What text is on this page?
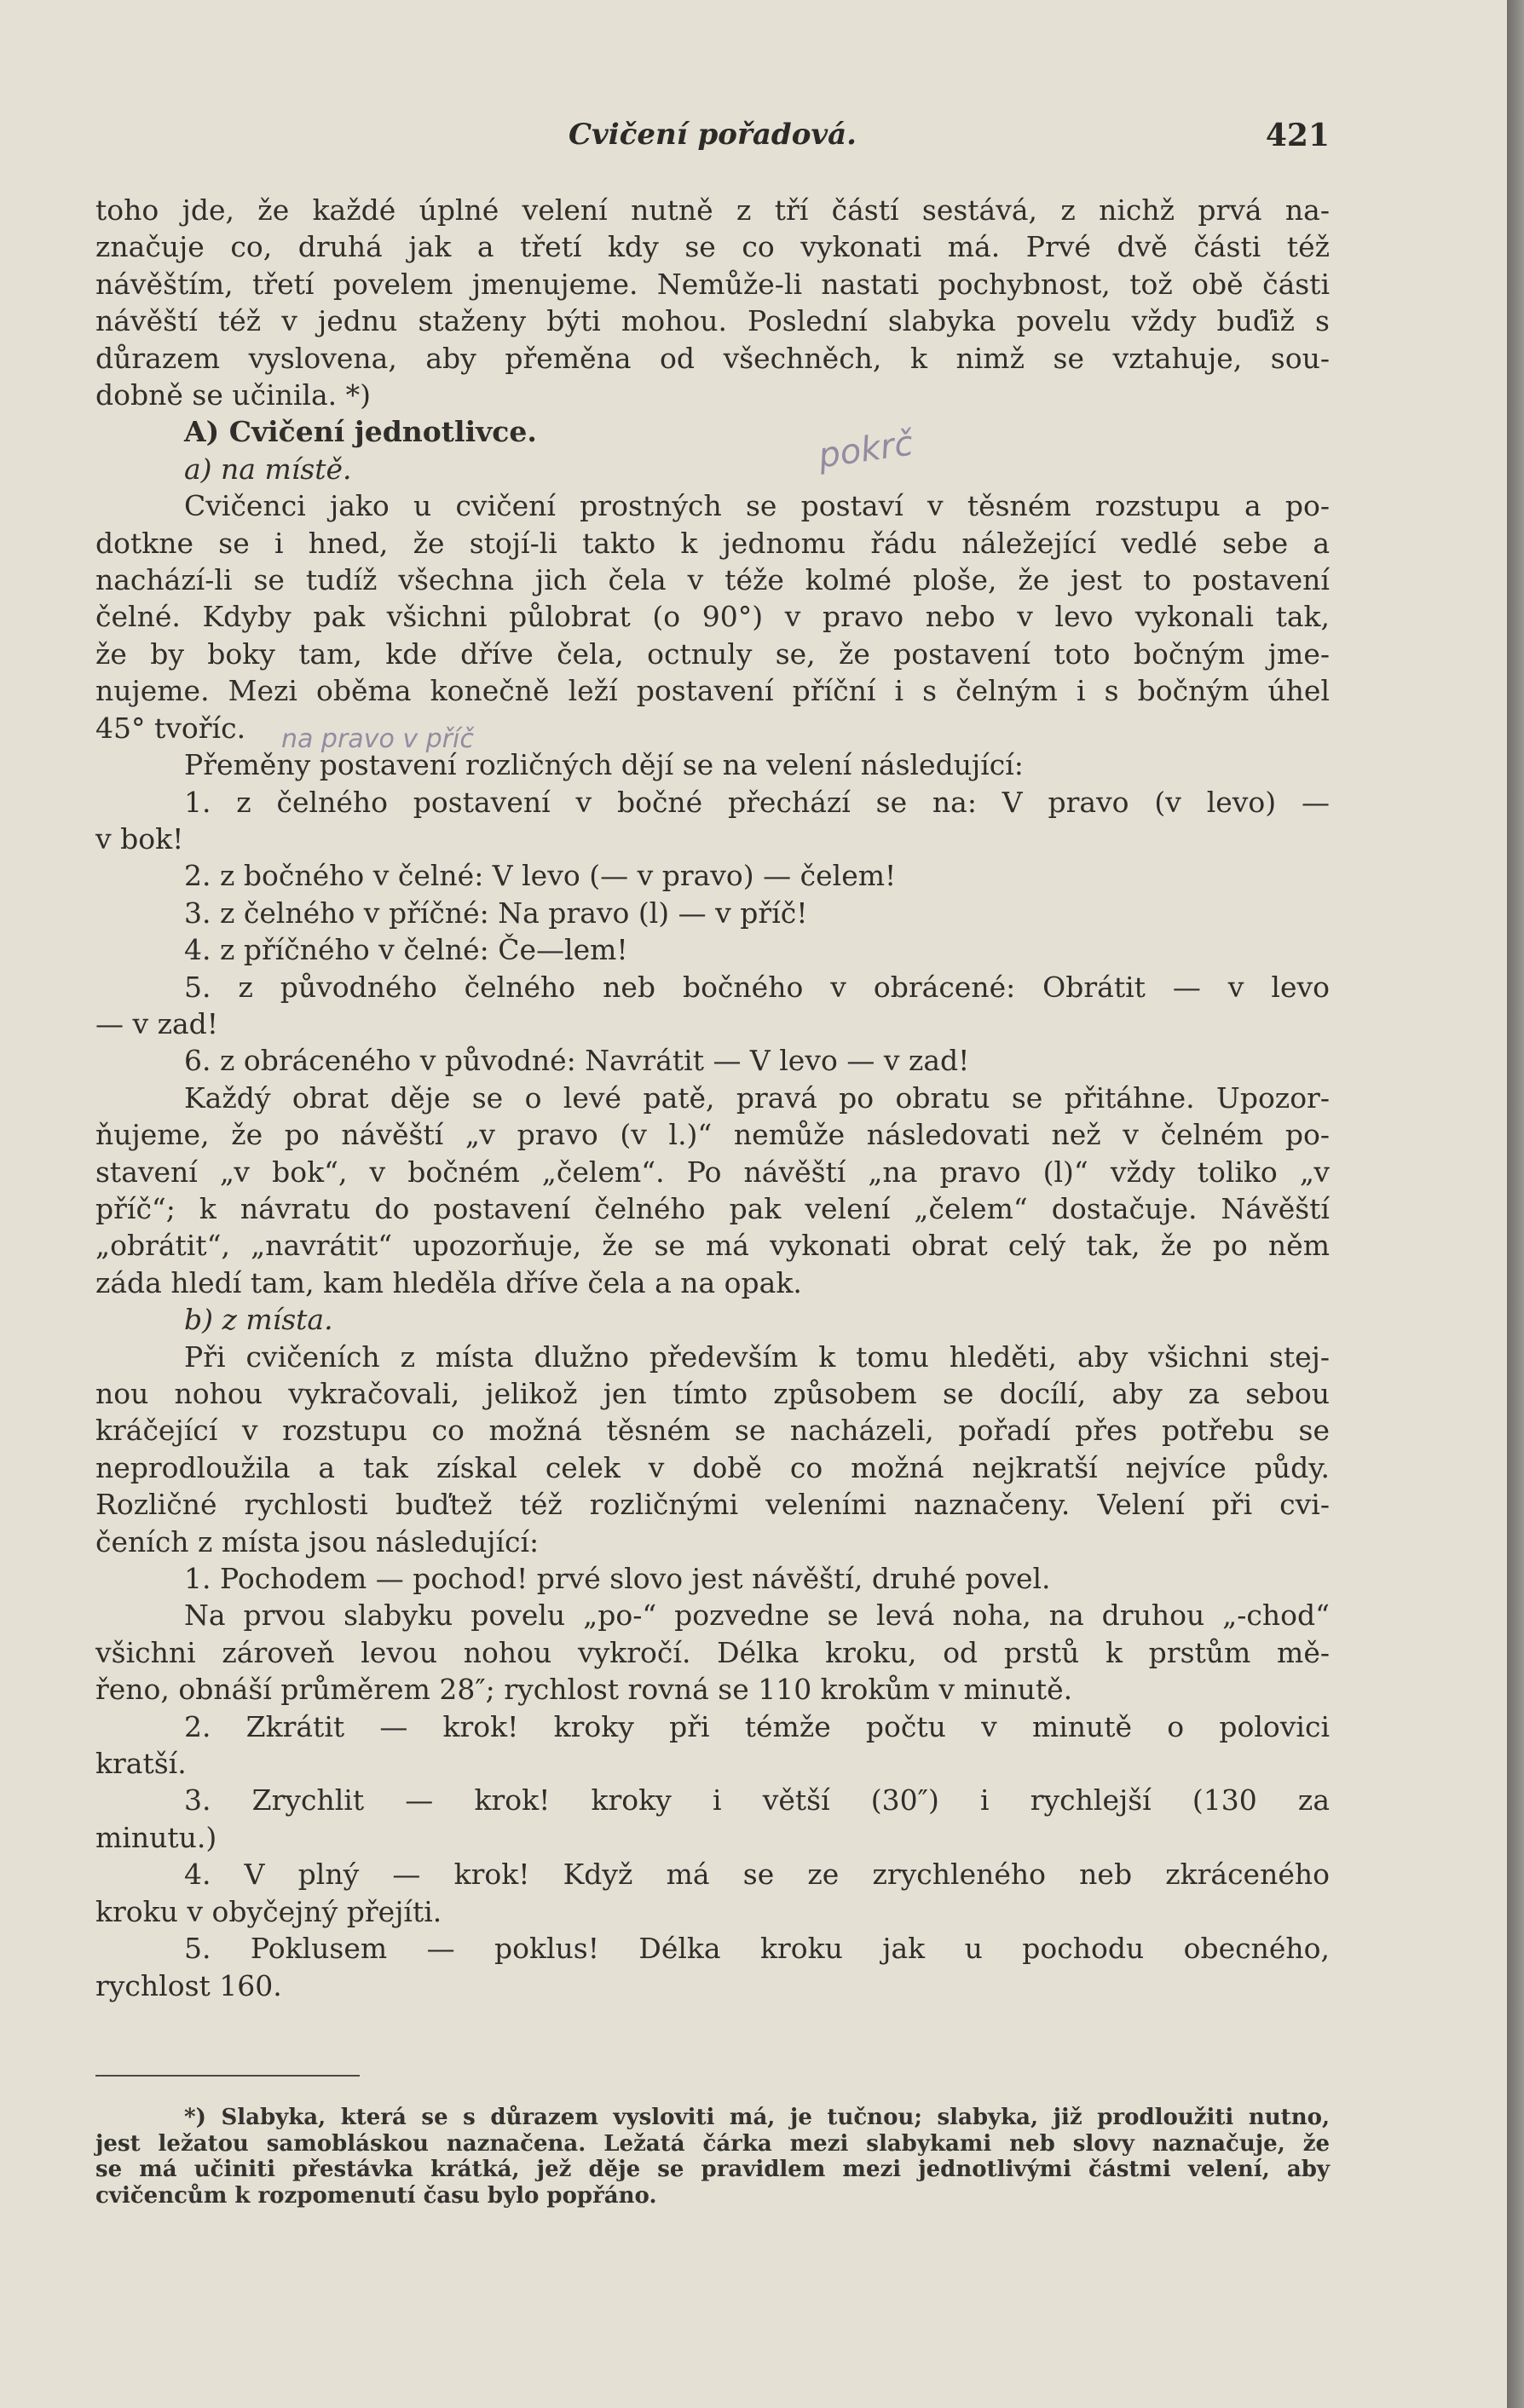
Cvičení pořadová.	421
toho jde, že každé úplné velení nutně z tří částí sestává, z nichž prvá na-
značuje co, druhá jak a třetí kdy se co vykonati má. Prvé dvě části též
návěštím, třetí povelem jmenujeme. Nemůže-li nastati pochybnost, tož obě části
návěští též v jednu staženy býti mohou. Poslední slabyka povelu vždy buďiž s
důrazem vyslovena, aby přeměna od všechněch, k nimž se vztahuje, sou-
dobně se učinila. *)
A) Cvičení jednotlivce.
a) na místě.
Cvičenci jako u cvičení prostných se postaví v těsném rozstupu a po-
dotkne se i hned, že stojí-li takto k jednomu řádu náležející vedlé sebe a
nachází-li se tudíž všechna jich čela v téže kolmé ploše, že jest to postavení
čelné. Kdyby pak všichni půlobrat (o 90°) v pravo nebo v levo vykonali tak,
že by boky tam, kde dříve čela, octnuly se, že postavení toto bočným jme-
nujeme. Mezi oběma konečně leží postavení příční i s čelným i s bočným úhel
45° tvoříc.
Přeměny postavení rozličných dějí se na velení následující:
1. z čelného postavení v bočné přechází se na: V pravo (v levo) —
v bok!
2. z bočného v čelné: V levo (— v pravo) — čelem!
3. z čelného v příčné: Na pravo (l) — v příč!
4. z příčného v čelné: Če—lem!
5. z původného čelného neb bočného v obrácené: Obrátit — v levo
— v zad!
6. z obráceného v původné: Navrátit — V levo — v zad!
Každý obrat děje se o levé patě, pravá po obratu se přitáhne. Upozor-
ňujeme, že po návěští „v pravo (v l.)“ nemůže následovati než v čelném po-
stavení „v bok“, v bočném „čelem“. Po návěští „na pravo (l)“ vždy toliko „v
příč“; k návratu do postavení čelného pak velení „čelem“ dostačuje. Návěští
„obrátit“, „navrátit“ upozorňuje, že se má vykonati obrat celý tak, že po něm
záda hledí tam, kam hleděla dříve čela a na opak.
b) z místa.
Při cvičeních z místa dlužno především k tomu hleděti, aby všichni stej-
nou nohou vykračovali, jelikož jen tímto způsobem se docílí, aby za sebou
kráčející v rozstupu co možná těsném se nacházeli, pořadí přes potřebu se
neprodloužila a tak získal celek v době co možná nejkratší nejvíce půdy.
Rozličné rychlosti buďtež též rozličnými veleními naznačeny. Velení při cvi-
čeních z místa jsou následující:
1. Pochodem — pochod! prvé slovo jest návěští, druhé povel.
Na prvou slabyku povelu „po-“ pozvedne se levá noha, na druhou „-chod“
všichni zároveň levou nohou vykročí. Délka kroku, od prstů k prstům mě-
řeno, obnáší průměrem 28″; rychlost rovná se 110 krokům v minutě.
2. Zkrátit — krok! kroky při témže počtu v minutě o polovici
kratší.
3. Zrychlit — krok! kroky i větší (30″) i rychlejší (130 za
minutu.)
4. V plný — krok! Když má se ze zrychleného neb zkráceného
kroku v obyčejný přejíti.
5. Poklusem — poklus! Délka kroku jak u pochodu obecného,
rychlost 160.
pokrč
na pravo v příč
*) Slabyka, která se s důrazem vysloviti má, je tučnou; slabyka, již prodloužiti nutno,
jest ležatou samobláskou naznačena. Ležatá čárka mezi slabykami neb slovy naznačuje, že
se má učiniti přestávka krátká, jež děje se pravidlem mezi jednotlivými částmi velení, aby
cvičencům k rozpomenutí času bylo popřáno.
